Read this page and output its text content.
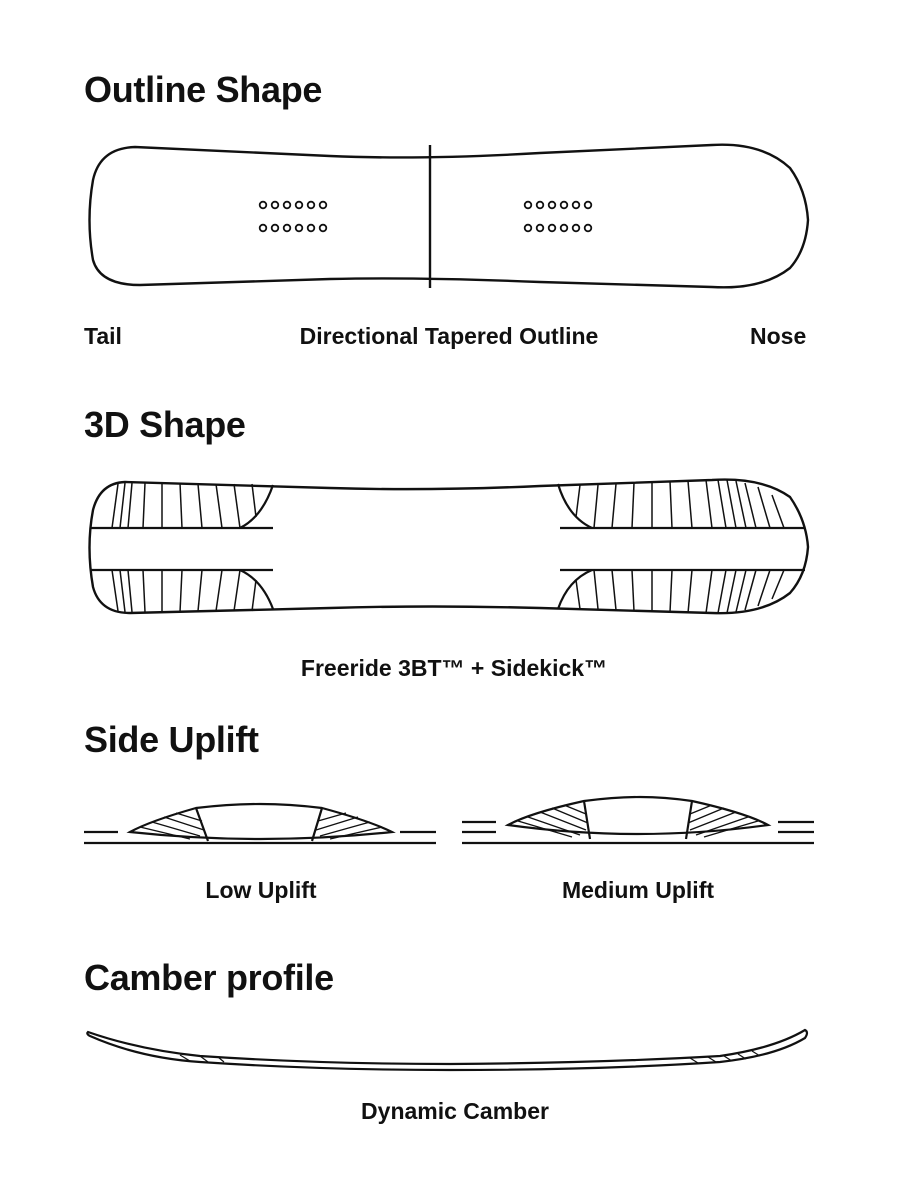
Outline Shape
Tail	Directional Tapered Outline	Nose
3D Shape
Freeride 3BT™ + Sidekick™
Side Uplift
Low Uplift	Medium Uplift
Camber profile
Dynamic Camber
